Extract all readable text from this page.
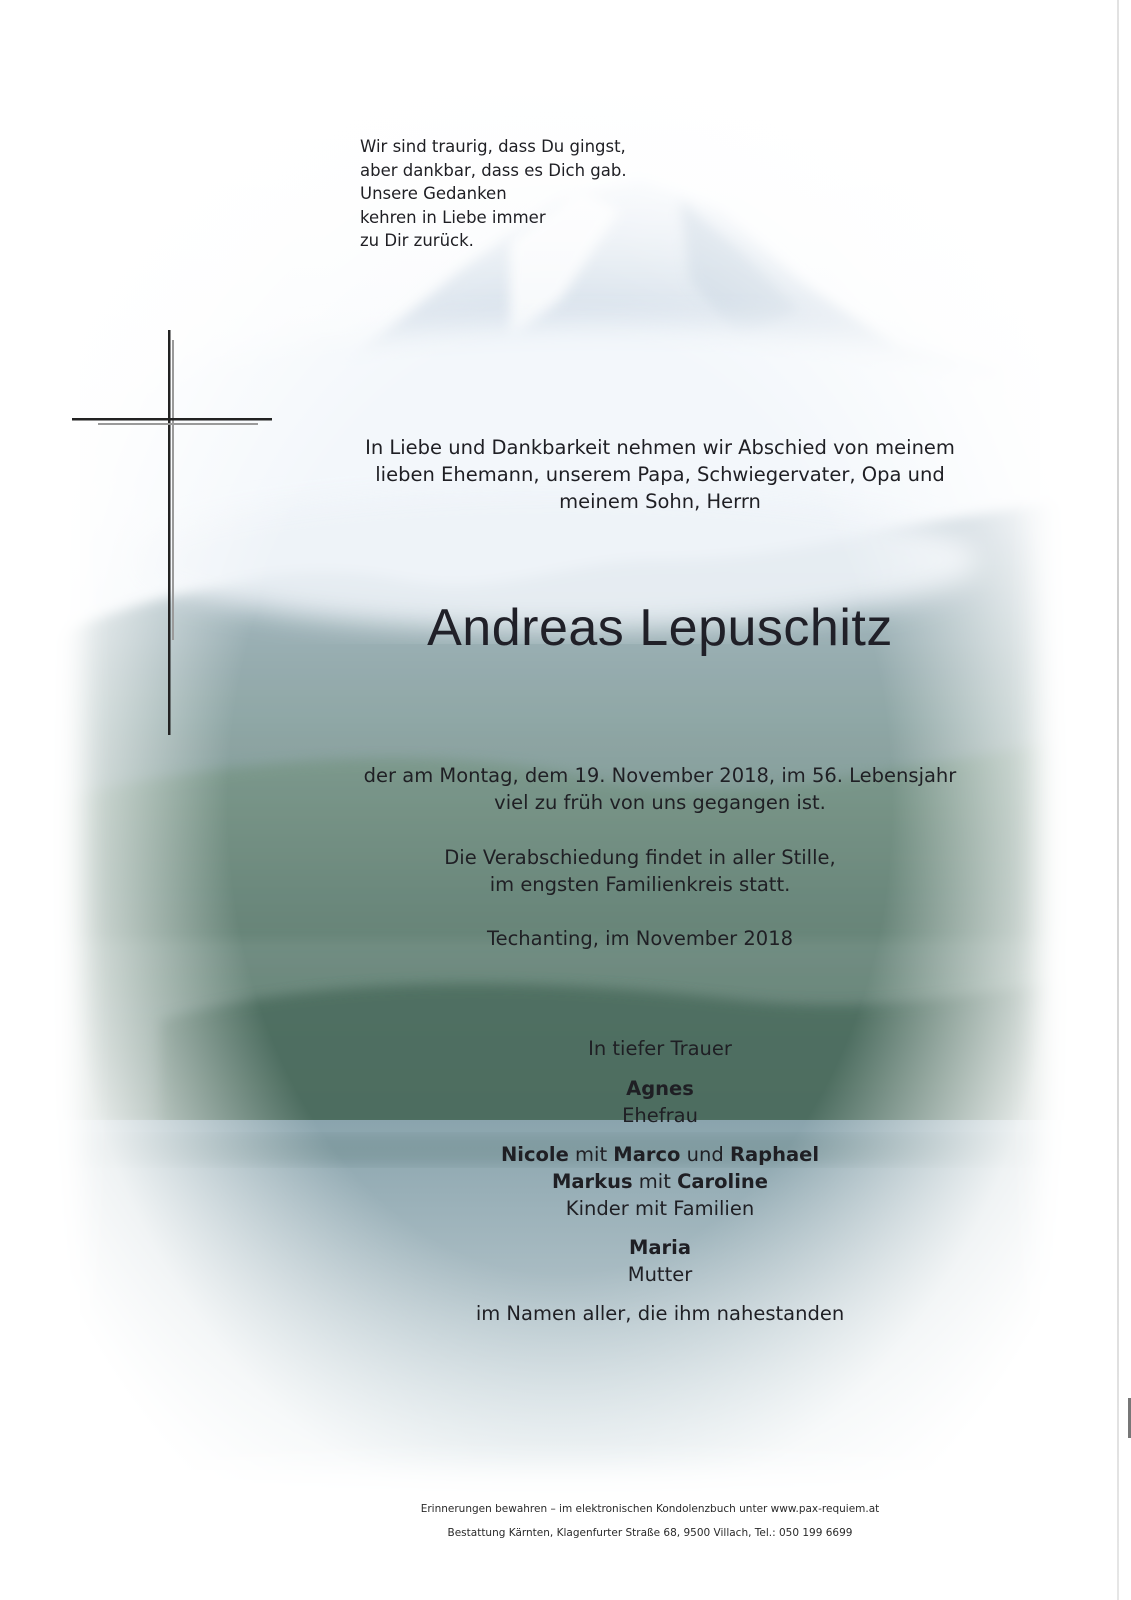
Wir sind traurig, dass Du gingst,
aber dankbar, dass es Dich gab.
Unsere Gedanken
kehren in Liebe immer
zu Dir zurück.
In Liebe und Dankbarkeit nehmen wir Abschied von meinem
lieben Ehemann, unserem Papa, Schwiegervater, Opa und
meinem Sohn, Herrn
Andreas Lepuschitz
der am Montag, dem 19. November 2018, im 56. Lebensjahr
viel zu früh von uns gegangen ist.
Die Verabschiedung findet in aller Stille,
im engsten Familienkreis statt.
Techanting, im November 2018
In tiefer Trauer
Agnes
Ehefrau
Nicole mit Marco und Raphael
Markus mit Caroline
Kinder mit Familien
Maria
Mutter
im Namen aller, die ihm nahestanden
Erinnerungen bewahren – im elektronischen Kondolenzbuch unter www.pax-requiem.at
Bestattung Kärnten, Klagenfurter Straße 68, 9500 Villach, Tel.: 050 199 6699
